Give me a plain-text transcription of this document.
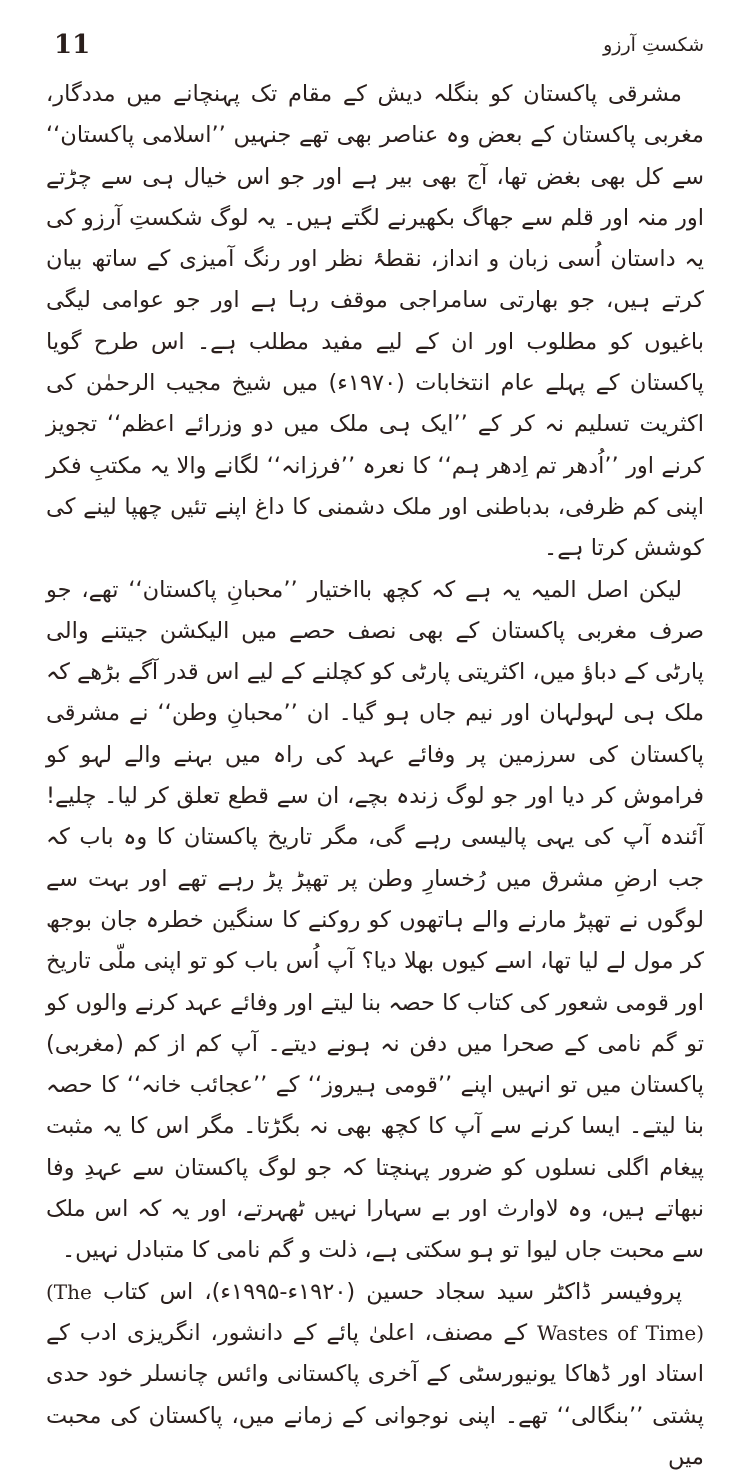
11	شکستِ آرزو

مشرقی پاکستان کو بنگلہ دیش کے مقام تک پہنچانے میں مددگار، مغربی پاکستان کے بعض وہ عناصر بھی تھے جنہیں ’’اسلامی پاکستان‘‘ سے کل بھی بغض تھا، آج بھی بیر ہے اور جو اس خیال ہی سے چڑتے اور منہ اور قلم سے جھاگ بکھیرنے لگتے ہیں۔ یہ لوگ شکستِ آرزو کی یہ داستان اُسی زبان و انداز، نقطۂ نظر اور رنگ آمیزی کے ساتھ بیان کرتے ہیں، جو بھارتی سامراجی موقف رہا ہے اور جو عوامی لیگی باغیوں کو مطلوب اور ان کے لیے مفید مطلب ہے۔ اس طرح گویا پاکستان کے پہلے عام انتخابات (۱۹۷۰ء) میں شیخ مجیب الرحمٰن کی اکثریت تسلیم نہ کر کے ’’ایک ہی ملک میں دو وزرائے اعظم‘‘ تجویز کرنے اور ’’اُدھر تم اِدھر ہم‘‘ کا نعرہ ’’فرزانہ‘‘ لگانے والا یہ مکتبِ فکر اپنی کم ظرفی، بدباطنی اور ملک دشمنی کا داغ اپنے تئیں چھپا لینے کی کوشش کرتا ہے۔

لیکن اصل المیہ یہ ہے کہ کچھ بااختیار ’’محبانِ پاکستان‘‘ تھے، جو صرف مغربی پاکستان کے بھی نصف حصے میں الیکشن جیتنے والی پارٹی کے دباؤ میں، اکثریتی پارٹی کو کچلنے کے لیے اس قدر آگے بڑھے کہ ملک ہی لہولہان اور نیم جاں ہو گیا۔ ان ’’محبانِ وطن‘‘ نے مشرقی پاکستان کی سرزمین پر وفائے عہد کی راہ میں بہنے والے لہو کو فراموش کر دیا اور جو لوگ زندہ بچے، ان سے قطع تعلق کر لیا۔ چلیے! آئندہ آپ کی یہی پالیسی رہے گی، مگر تاریخ پاکستان کا وہ باب کہ جب ارضِ مشرق میں رُخسارِ وطن پر تھپڑ پڑ رہے تھے اور بہت سے لوگوں نے تھپڑ مارنے والے ہاتھوں کو روکنے کا سنگین خطرہ جان بوجھ کر مول لے لیا تھا، اسے کیوں بھلا دیا؟ آپ اُس باب کو تو اپنی ملّی تاریخ اور قومی شعور کی کتاب کا حصہ بنا لیتے اور وفائے عہد کرنے والوں کو تو گم نامی کے صحرا میں دفن نہ ہونے دیتے۔ آپ کم از کم (مغربی) پاکستان میں تو انہیں اپنے ’’قومی ہیروز‘‘ کے ’’عجائب خانہ‘‘ کا حصہ بنا لیتے۔ ایسا کرنے سے آپ کا کچھ بھی نہ بگڑتا۔ مگر اس کا یہ مثبت پیغام اگلی نسلوں کو ضرور پہنچتا کہ جو لوگ پاکستان سے عہدِ وفا نبھاتے ہیں، وہ لاوارث اور بے سہارا نہیں ٹھہرتے، اور یہ کہ اس ملک سے محبت جاں لیوا تو ہو سکتی ہے، ذلت و گم نامی کا متبادل نہیں۔

پروفیسر ڈاکٹر سید سجاد حسین (۱۹۲۰ء-۱۹۹۵ء)، اس کتاب (The Wastes of Time) کے مصنف، اعلیٰ پائے کے دانشور، انگریزی ادب کے استاد اور ڈھاکا یونیورسٹی کے آخری پاکستانی وائس چانسلر خود حدی پشتی ’’بنگالی‘‘ تھے۔ اپنی نوجوانی کے زمانے میں، پاکستان کی محبت میں
